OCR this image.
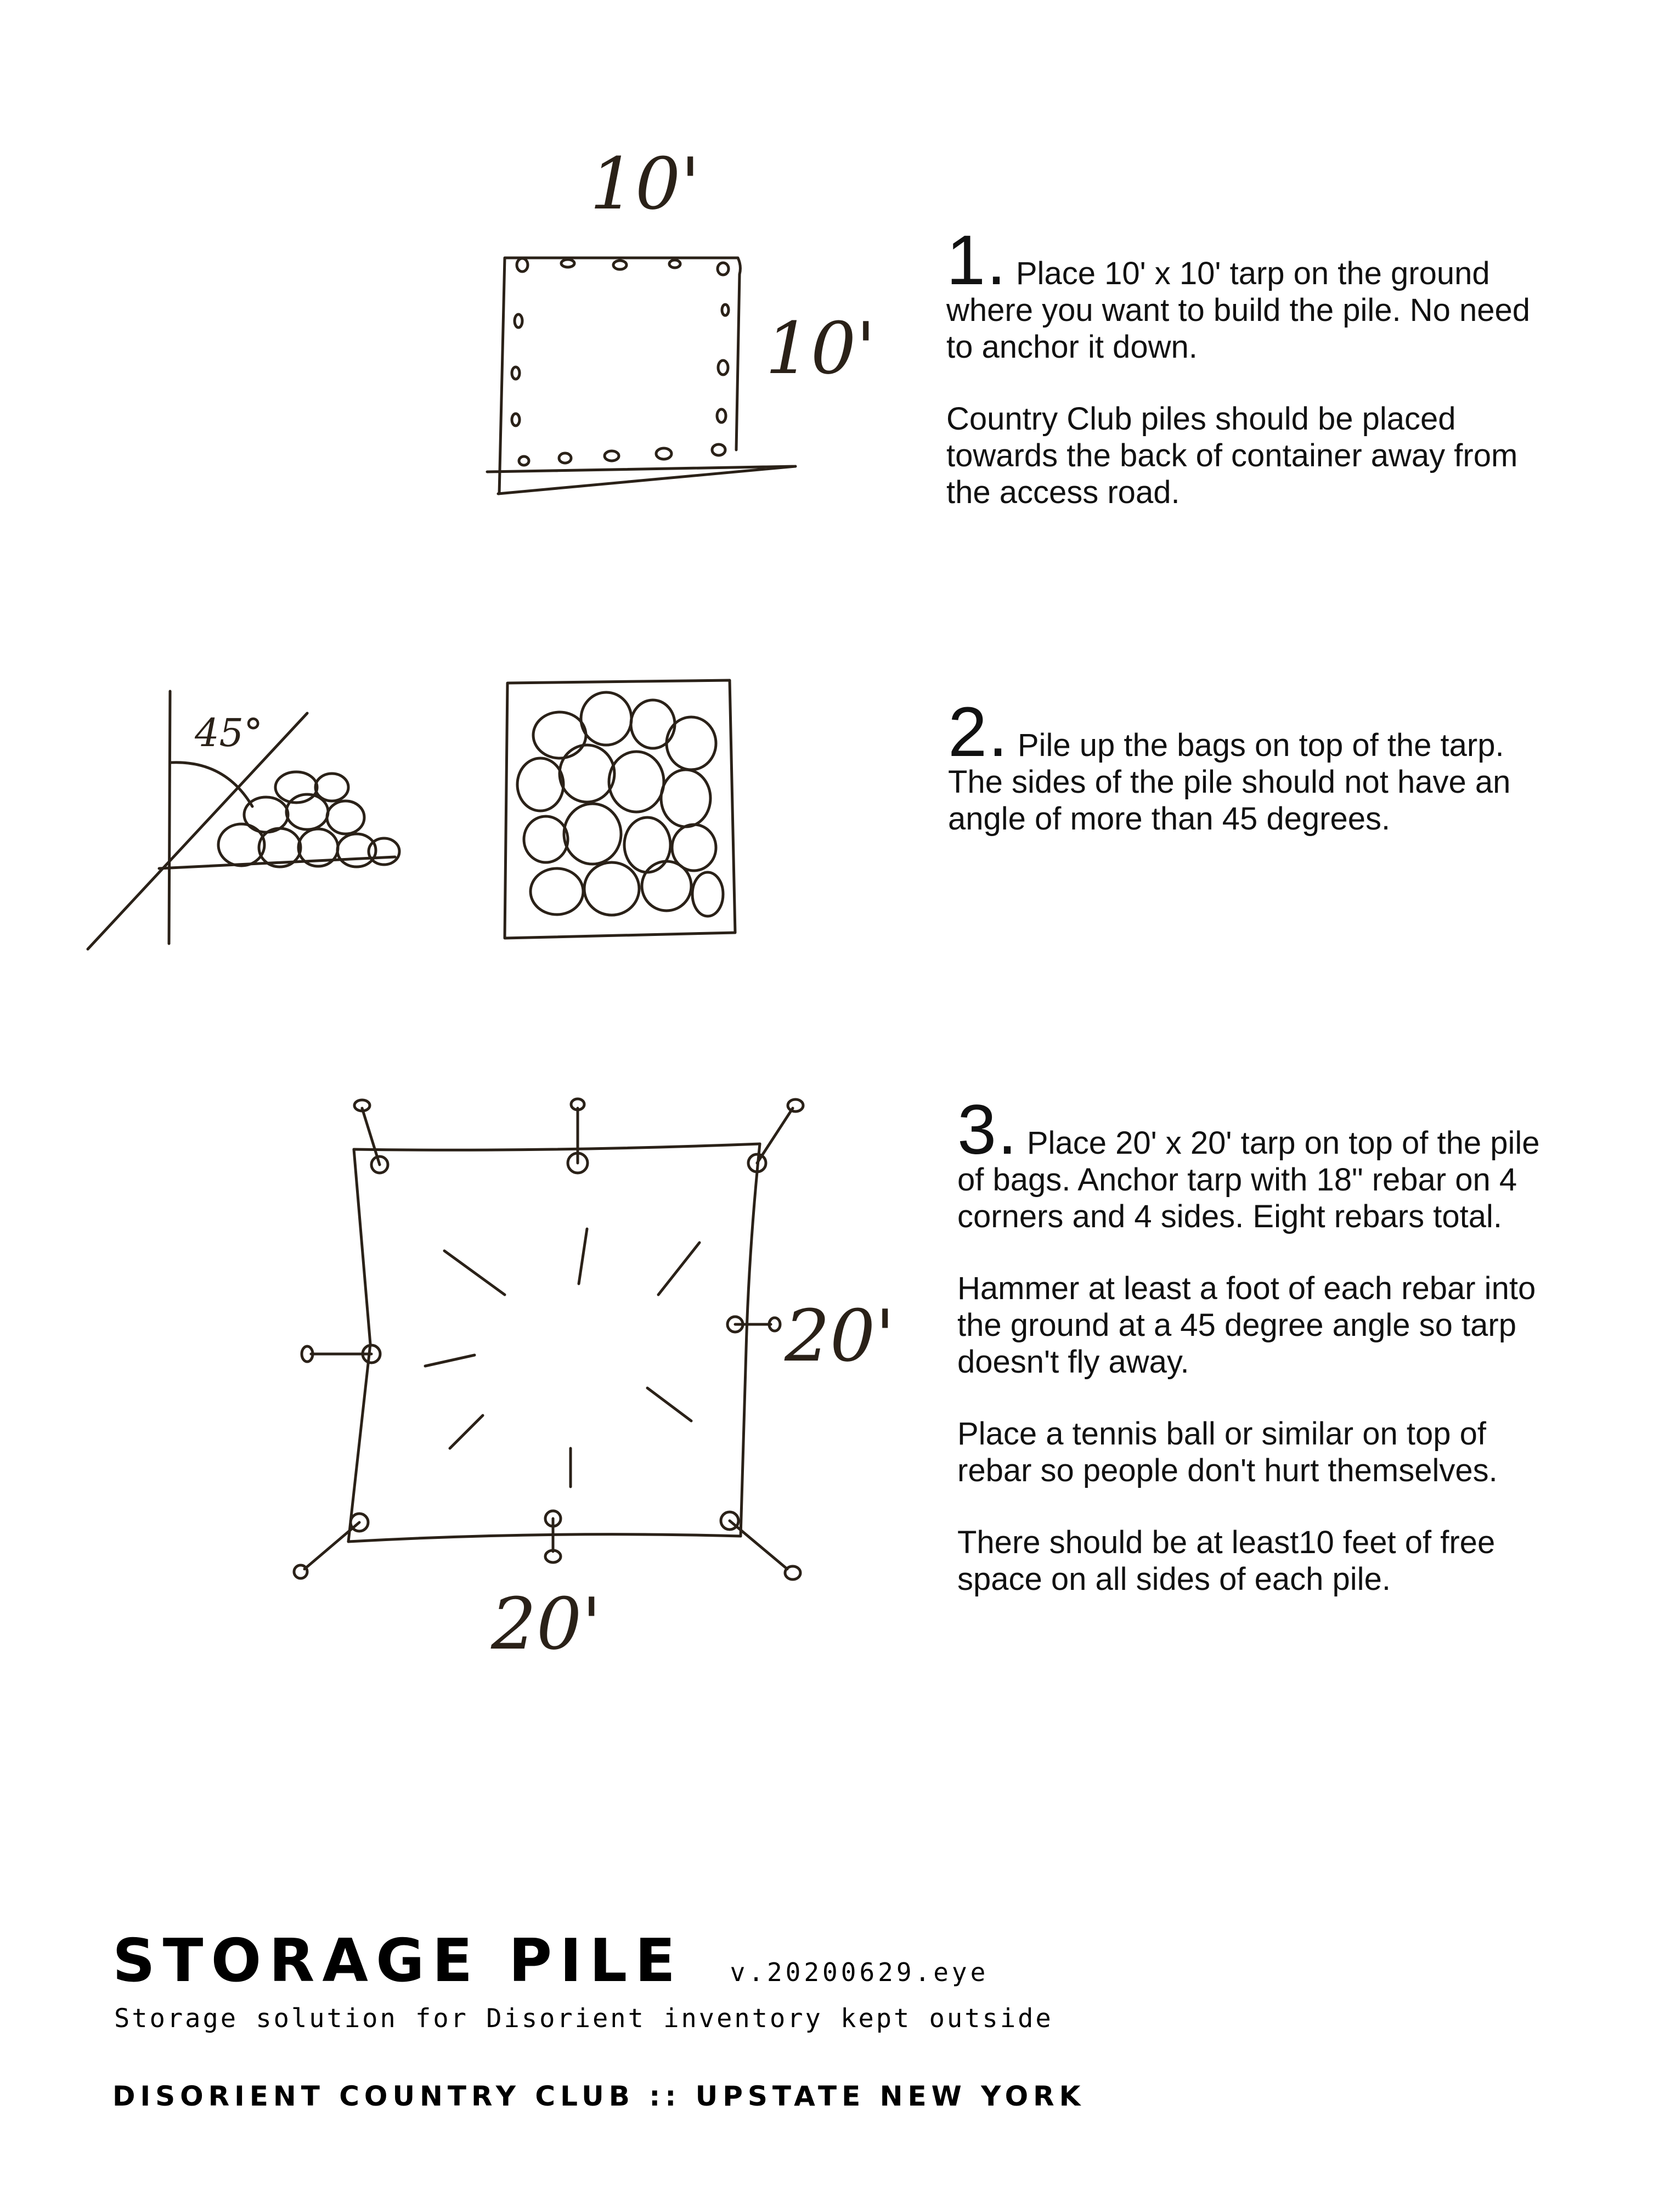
10'
10'
45°
20'
20'

1. Place 10' x 10' tarp on the ground where you want to build the pile. No need to anchor it down.

Country Club piles should be placed towards the back of container away from the access road.

2. Pile up the bags on top of the tarp. The sides of the pile should not have an angle of more than 45 degrees.

3. Place 20' x 20' tarp on top of the pile of bags. Anchor tarp with 18" rebar on 4 corners and 4 sides. Eight rebars total.

Hammer at least a foot of each rebar into the ground at a 45 degree angle so tarp doesn't fly away.

Place a tennis ball or similar on top of rebar so people don't hurt themselves.

There should be at least10 feet of free space on all sides of each pile.

STORAGE PILE v.20200629.eye
Storage solution for Disorient inventory kept outside
DISORIENT COUNTRY CLUB :: UPSTATE NEW YORK
